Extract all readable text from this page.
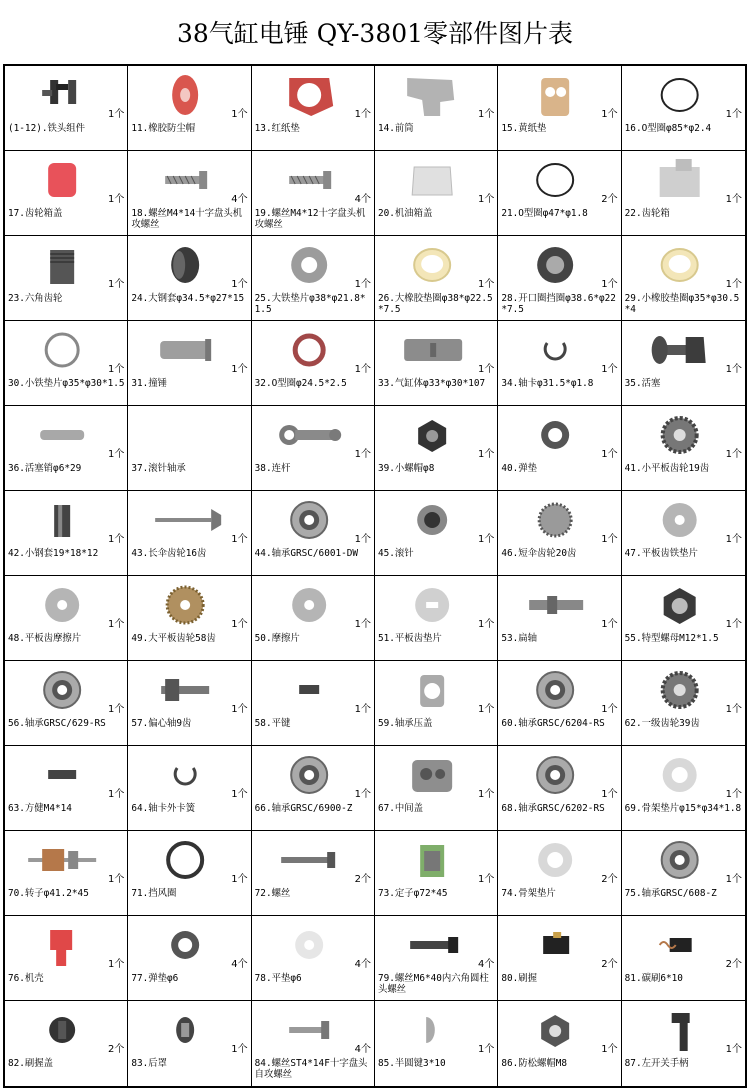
38气缸电锤 QY-3801零部件图片表
1个
(1-12).铁头组件
1个
11.橡胶防尘帽
1个
13.红纸垫
1个
14.前筒
1个
15.黄纸垫
1个
16.O型圈φ85*φ2.4
1个
17.齿轮箱盖
4个
18.螺丝M4*14十字盘头机攻螺丝
4个
19.螺丝M4*12十字盘头机攻螺丝
1个
20.机油箱盖
2个
21.O型圈φ47*φ1.8
1个
22.齿轮箱
1个
23.六角齿轮
1个
24.大钢套φ34.5*φ27*15
1个
25.大铁垫片φ38*φ21.8*1.5
1个
26.大橡胶垫圈φ38*φ22.5*7.5
1个
28.开口圈挡圈φ38.6*φ22*7.5
1个
29.小橡胶垫圈φ35*φ30.5*4
1个
30.小铁垫片φ35*φ30*1.5
1个
31.撞锤
1个
32.O型圈φ24.5*2.5
1个
33.气缸体φ33*φ30*107
1个
34.轴卡φ31.5*φ1.8
1个
35.活塞
1个
36.活塞销φ6*29	37.滚针轴承
1个
38.连杆
1个
39.小螺帽φ8
1个
40.弹垫
1个
41.小平板齿轮19齿
1个
42.小钢套19*18*12
1个
43.长伞齿轮16齿
1个
44.轴承GRSC/6001-DW
1个
45.滚针
1个
46.短伞齿轮20齿
1个
47.平板齿铁垫片
1个
48.平板齿摩擦片
1个
49.大平板齿轮58齿
1个
50.摩擦片
1个
51.平板齿垫片
1个
53.扁轴
1个
55.特型螺母M12*1.5
1个
56.轴承GRSC/629-RS
1个
57.偏心轴9齿
1个
58.平键
1个
59.轴承压盖
1个
60.轴承GRSC/6204-RS
1个
62.一级齿轮39齿
1个
63.方健M4*14
1个
64.轴卡外卡簧
1个
66.轴承GRSC/6900-Z
1个
67.中间盖
1个
68.轴承GRSC/6202-RS
1个
69.骨架垫片φ15*φ34*1.8
1个
70.转子φ41.2*45
1个
71.挡风圈
2个
72.螺丝
1个
73.定子φ72*45
2个
74.骨架垫片
1个
75.轴承GRSC/608-Z
1个
76.机壳
4个
77.弹垫φ6
4个
78.平垫φ6
4个
79.螺丝M6*40内六角圆柱头螺丝
2个
80.刷握
2个
81.碳刷6*10
2个
82.刷握盖
1个
83.后罩
4个
84.螺丝ST4*14F十字盘头自攻螺丝
1个
85.半圆键3*10
1个
86.防松螺帽M8
1个
87.左开关手柄
